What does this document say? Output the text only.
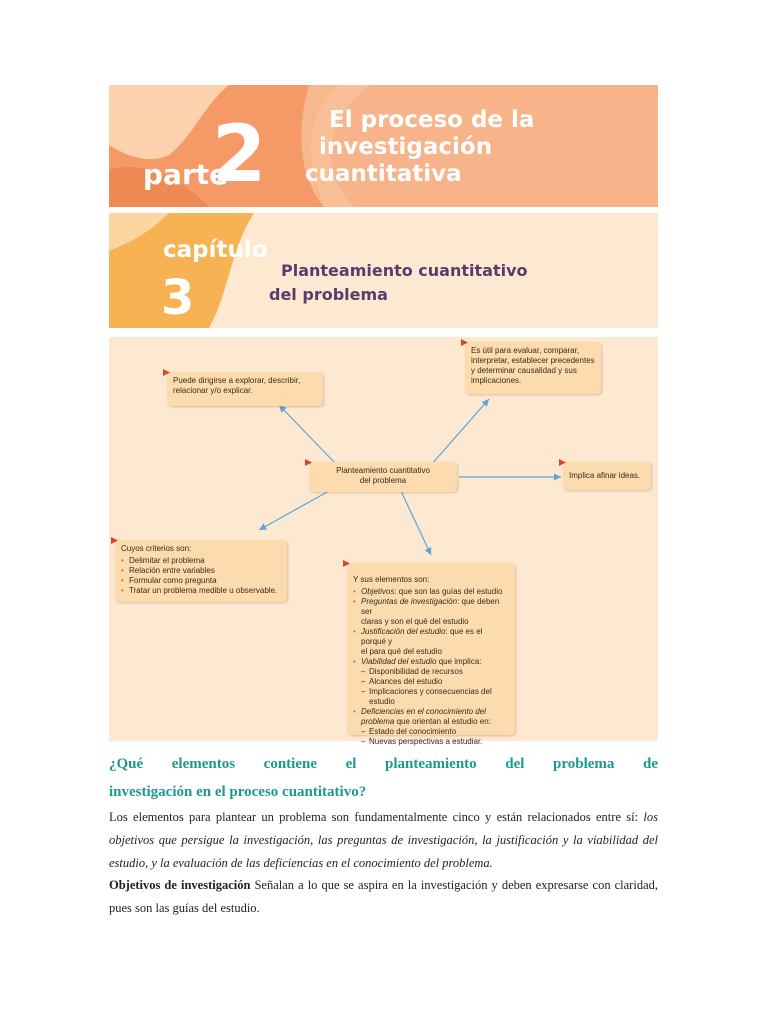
parte
2	El proceso de la
investigación
cuantitativa
capítulo
3	Planteamiento cuantitativo
del problema
Puede dirigirse a explorar, describir,
relacionar y/o explicar.
Es útil para evaluar, comparar,
interpretar, establecer precedentes
y determinar causalidad y sus
implicaciones.
Planteamiento cuantitativo
del problema
Implica afinar ideas.
Cuyos criterios son:
• Delimitar el problema
• Relación entre variables
• Formular como pregunta
• Tratar un problema medible u observable.
Y sus elementos son:
• Objetivos: que son las guías del estudio
• Preguntas de investigación: que deben ser
claras y son el qué del estudio
• Justificación del estudio: que es el porqué y
el para qué del estudio
• Viabilidad del estudio que implica:
– Disponibilidad de recursos
– Alcances del estudio
– Implicaciones y consecuencias del estudio
• Deficiencias en el conocimiento del
problema que orientan al estudio en:
– Estado del conocimiento
– Nuevas perspectivas a estudiar.
¿Qué elementos contiene el planteamiento del problema de
investigación en el proceso cuantitativo?
Los elementos para plantear un problema son fundamentalmente cinco y están relacionados entre sí: los objetivos que persigue la investigación, las preguntas de investigación, la justificación y la viabilidad del estudio, y la evaluación de las deficiencias en el conocimiento del problema.
Objetivos de investigación Señalan a lo que se aspira en la investigación y deben expresarse con claridad, pues son las guías del estudio.
